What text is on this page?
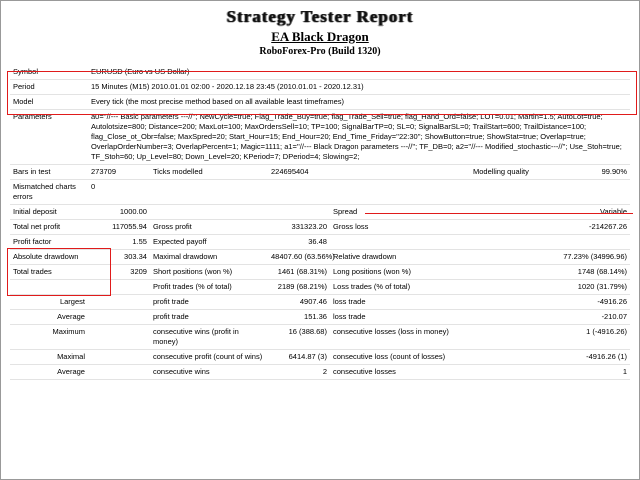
Strategy Tester Report
EA Black Dragon
RoboForex-Pro (Build 1320)
Symbol	EURUSD (Euro vs US Dollar)					
Period	15 Minutes (M15) 2010.01.01 02:00 - 2020.12.18 23:45 (2010.01.01 - 2020.12.31)					
Model	Every tick (the most precise method based on all available least timeframes)					
Parameters	a0=''//--- Basic parameters ---//''; NewCycle=true; Flag_Trade_Buy=true; flag_Trade_Sell=true; flag_Hand_Ord=false; LOT=0.01; Martin=1.5; AutoLot=true; Autolotsize=800; Distance=200; MaxLot=100; MaxOrdersSell=10; TP=100; SignalBarTP=0; SL=0; SignalBarSL=0; TrailStart=600; TrailDistance=100; flag_Close_ot_Obr=false; MaxSpred=20; Start_Hour=15; End_Hour=20; End_Time_Friday=''22:30''; ShowButton=true; ShowStat=true; Overlap=true; OverlapOrderNumber=3; OverlapPercent=1; Magic=1111; a1=''//--- Black Dragon parameters ---//''; TF_DB=0; a2=''//--- Modified_stochastic---//''; Use_Stoh=true; TF_Stoh=60; Up_Level=80; Down_Level=20; KPeriod=7; DPeriod=4; Slowing=2;					
Bars in test	273709	Ticks modelled	224695404		Modelling quality	99.90%
Mismatched charts errors	0					
Initial deposit	1000.00			Spread		Variable
Total net profit	117055.94	Gross profit	331323.20	Gross loss		-214267.26
Profit factor	1.55	Expected payoff	36.48			
Absolute drawdown	303.34	Maximal drawdown	48407.60 (63.56%)	Relative drawdown		77.23% (34996.96)
Total trades	3209	Short positions (won %)	1461 (68.31%)	Long positions (won %)		1748 (68.14%)
		Profit trades (% of total)	2189 (68.21%)	Loss trades (% of total)		1020 (31.79%)
Largest		profit trade	4907.46	loss trade		-4916.26
Average		profit trade	151.36	loss trade		-210.07
Maximum		consecutive wins (profit in money)	16 (388.68)	consecutive losses (loss in money)		1 (-4916.26)
Maximal		consecutive profit (count of wins)	6414.87 (3)	consecutive loss (count of losses)		-4916.26 (1)
Average		consecutive wins	2	consecutive losses		1
